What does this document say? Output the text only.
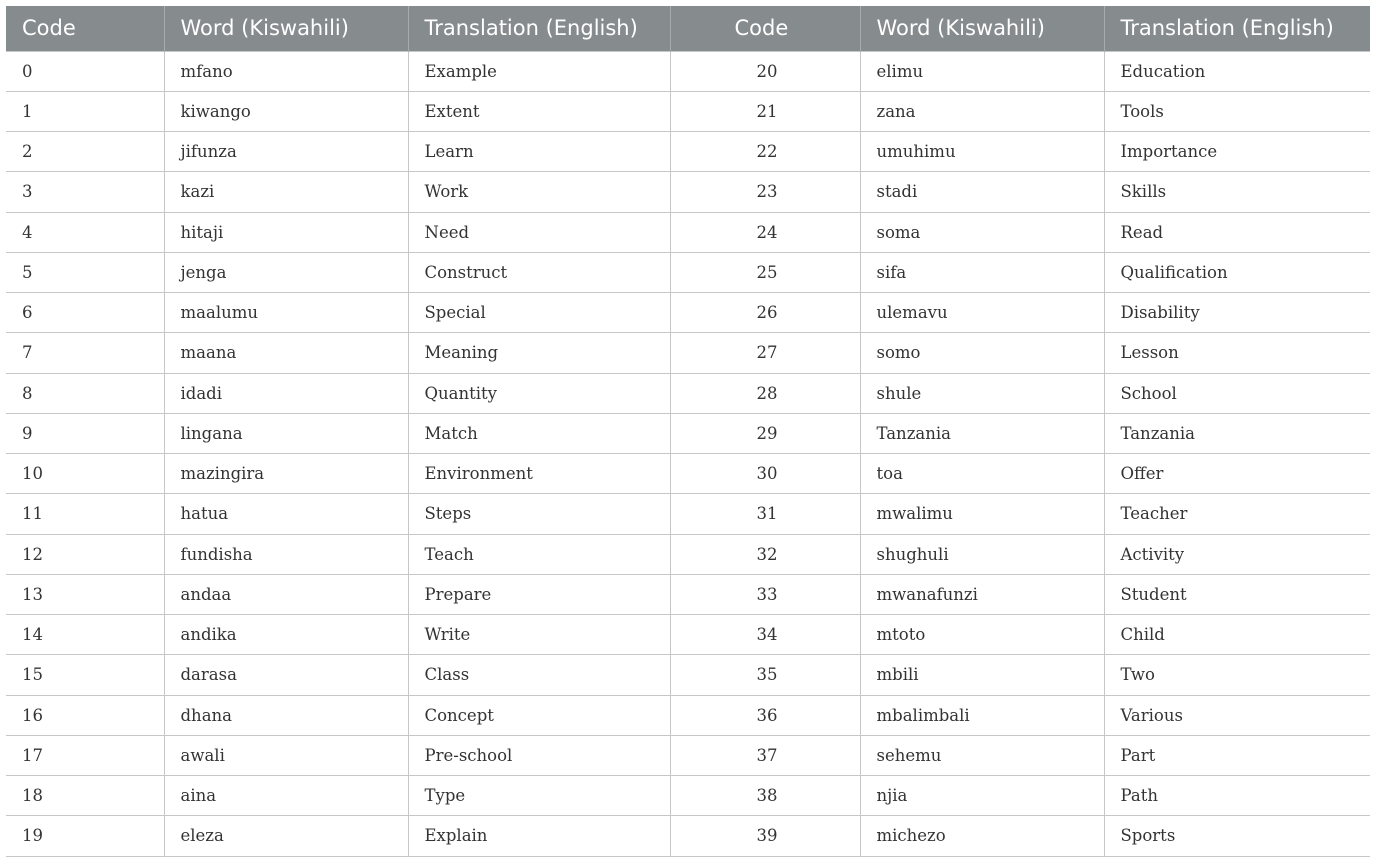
Code	Word (Kiswahili)	Translation (English)	Code	Word (Kiswahili)	Translation (English)
0	mfano	Example	20	elimu	Education
1	kiwango	Extent	21	zana	Tools
2	jifunza	Learn	22	umuhimu	Importance
3	kazi	Work	23	stadi	Skills
4	hitaji	Need	24	soma	Read
5	jenga	Construct	25	sifa	Qualification
6	maalumu	Special	26	ulemavu	Disability
7	maana	Meaning	27	somo	Lesson
8	idadi	Quantity	28	shule	School
9	lingana	Match	29	Tanzania	Tanzania
10	mazingira	Environment	30	toa	Offer
11	hatua	Steps	31	mwalimu	Teacher
12	fundisha	Teach	32	shughuli	Activity
13	andaa	Prepare	33	mwanafunzi	Student
14	andika	Write	34	mtoto	Child
15	darasa	Class	35	mbili	Two
16	dhana	Concept	36	mbalimbali	Various
17	awali	Pre-school	37	sehemu	Part
18	aina	Type	38	njia	Path
19	eleza	Explain	39	michezo	Sports
